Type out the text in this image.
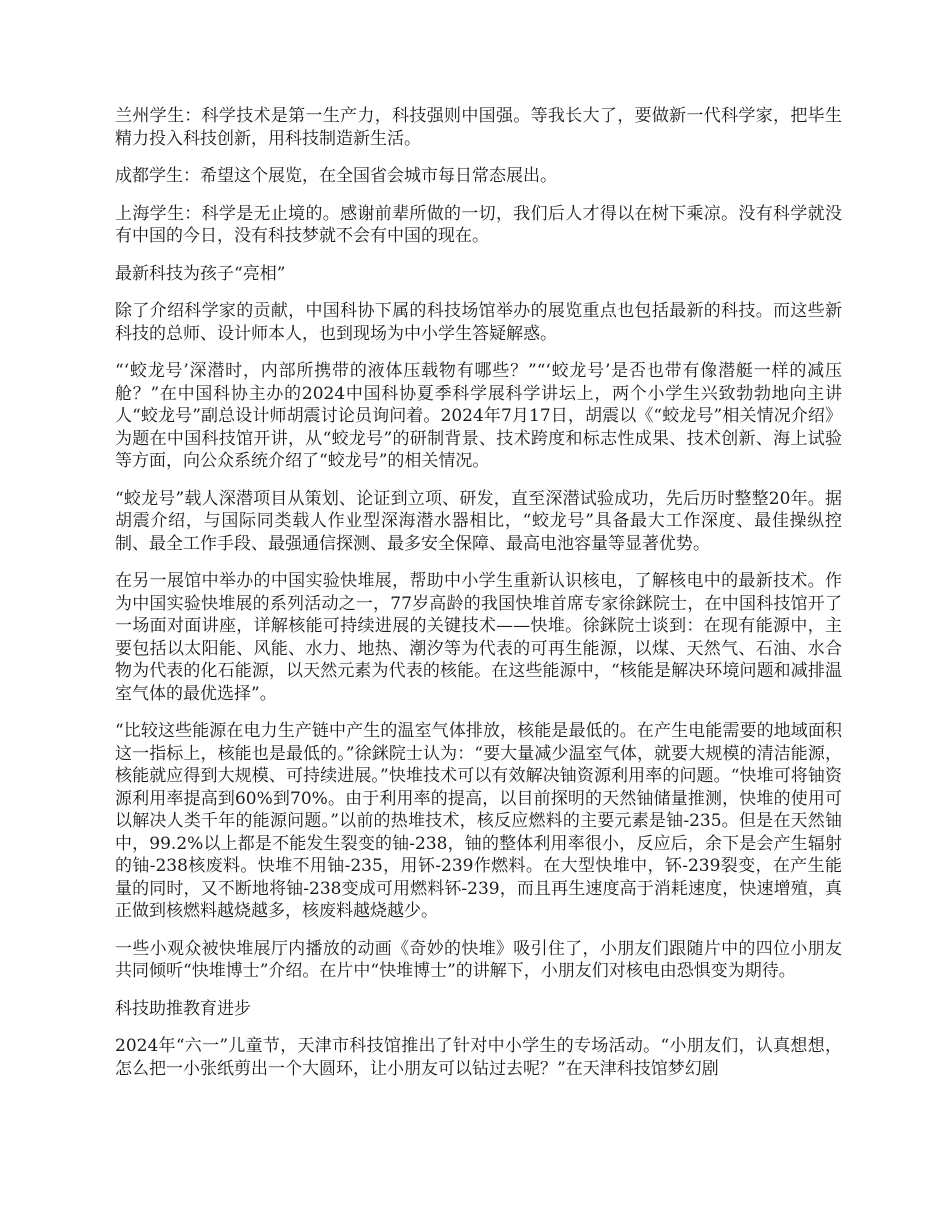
兰州学生：科学技术是第一生产力，科技强则中国强。等我长大了，要做新一代科学家，把毕生精力投入科技创新，用科技制造新生活。

成都学生：希望这个展览，在全国省会城市每日常态展出。

上海学生：科学是无止境的。感谢前辈所做的一切，我们后人才得以在树下乘凉。没有科学就没有中国的今日，没有科技梦就不会有中国的现在。

最新科技为孩子“亮相”

除了介绍科学家的贡献，中国科协下属的科技场馆举办的展览重点也包括最新的科技。而这些新科技的总师、设计师本人，也到现场为中小学生答疑解惑。

“‘蛟龙号’深潜时，内部所携带的液体压载物有哪些？”“‘蛟龙号’是否也带有像潜艇一样的减压舱？”在中国科协主办的2024中国科协夏季科学展科学讲坛上，两个小学生兴致勃勃地向主讲人“蛟龙号”副总设计师胡震讨论员询问着。2024年7月17日，胡震以《“蛟龙号”相关情况介绍》为题在中国科技馆开讲，从“蛟龙号”的研制背景、技术跨度和标志性成果、技术创新、海上试验等方面，向公众系统介绍了“蛟龙号”的相关情况。

“蛟龙号”载人深潜项目从策划、论证到立项、研发，直至深潜试验成功，先后历时整整20年。据胡震介绍，与国际同类载人作业型深海潜水器相比，“蛟龙号”具备最大工作深度、最佳操纵控制、最全工作手段、最强通信探测、最多安全保障、最高电池容量等显著优势。

在另一展馆中举办的中国实验快堆展，帮助中小学生重新认识核电，了解核电中的最新技术。作为中国实验快堆展的系列活动之一，77岁高龄的我国快堆首席专家徐銤院士，在中国科技馆开了一场面对面讲座，详解核能可持续进展的关键技术——快堆。徐銤院士谈到：在现有能源中，主要包括以太阳能、风能、水力、地热、潮汐等为代表的可再生能源，以煤、天然气、石油、水合物为代表的化石能源，以天然元素为代表的核能。在这些能源中，“核能是解决环境问题和减排温室气体的最优选择”。

“比较这些能源在电力生产链中产生的温室气体排放，核能是最低的。在产生电能需要的地域面积这一指标上，核能也是最低的。”徐銤院士认为：“要大量减少温室气体，就要大规模的清洁能源，核能就应得到大规模、可持续进展。”快堆技术可以有效解决铀资源利用率的问题。“快堆可将铀资源利用率提高到60%到70%。由于利用率的提高，以目前探明的天然铀储量推测，快堆的使用可以解决人类千年的能源问题。”以前的热堆技术，核反应燃料的主要元素是铀-235。但是在天然铀中，99.2%以上都是不能发生裂变的铀-238，铀的整体利用率很小，反应后，余下是会产生辐射的铀-238核废料。快堆不用铀-235，用钚-239作燃料。在大型快堆中，钚-239裂变，在产生能量的同时，又不断地将铀-238变成可用燃料钚-239，而且再生速度高于消耗速度，快速增殖，真正做到核燃料越烧越多，核废料越烧越少。

一些小观众被快堆展厅内播放的动画《奇妙的快堆》吸引住了，小朋友们跟随片中的四位小朋友共同倾听“快堆博士”介绍。在片中“快堆博士”的讲解下，小朋友们对核电由恐惧变为期待。

科技助推教育进步

2024年“六一”儿童节，天津市科技馆推出了针对中小学生的专场活动。“小朋友们，认真想想，怎么把一小张纸剪出一个大圆环，让小朋友可以钻过去呢？”在天津科技馆梦幻剧
